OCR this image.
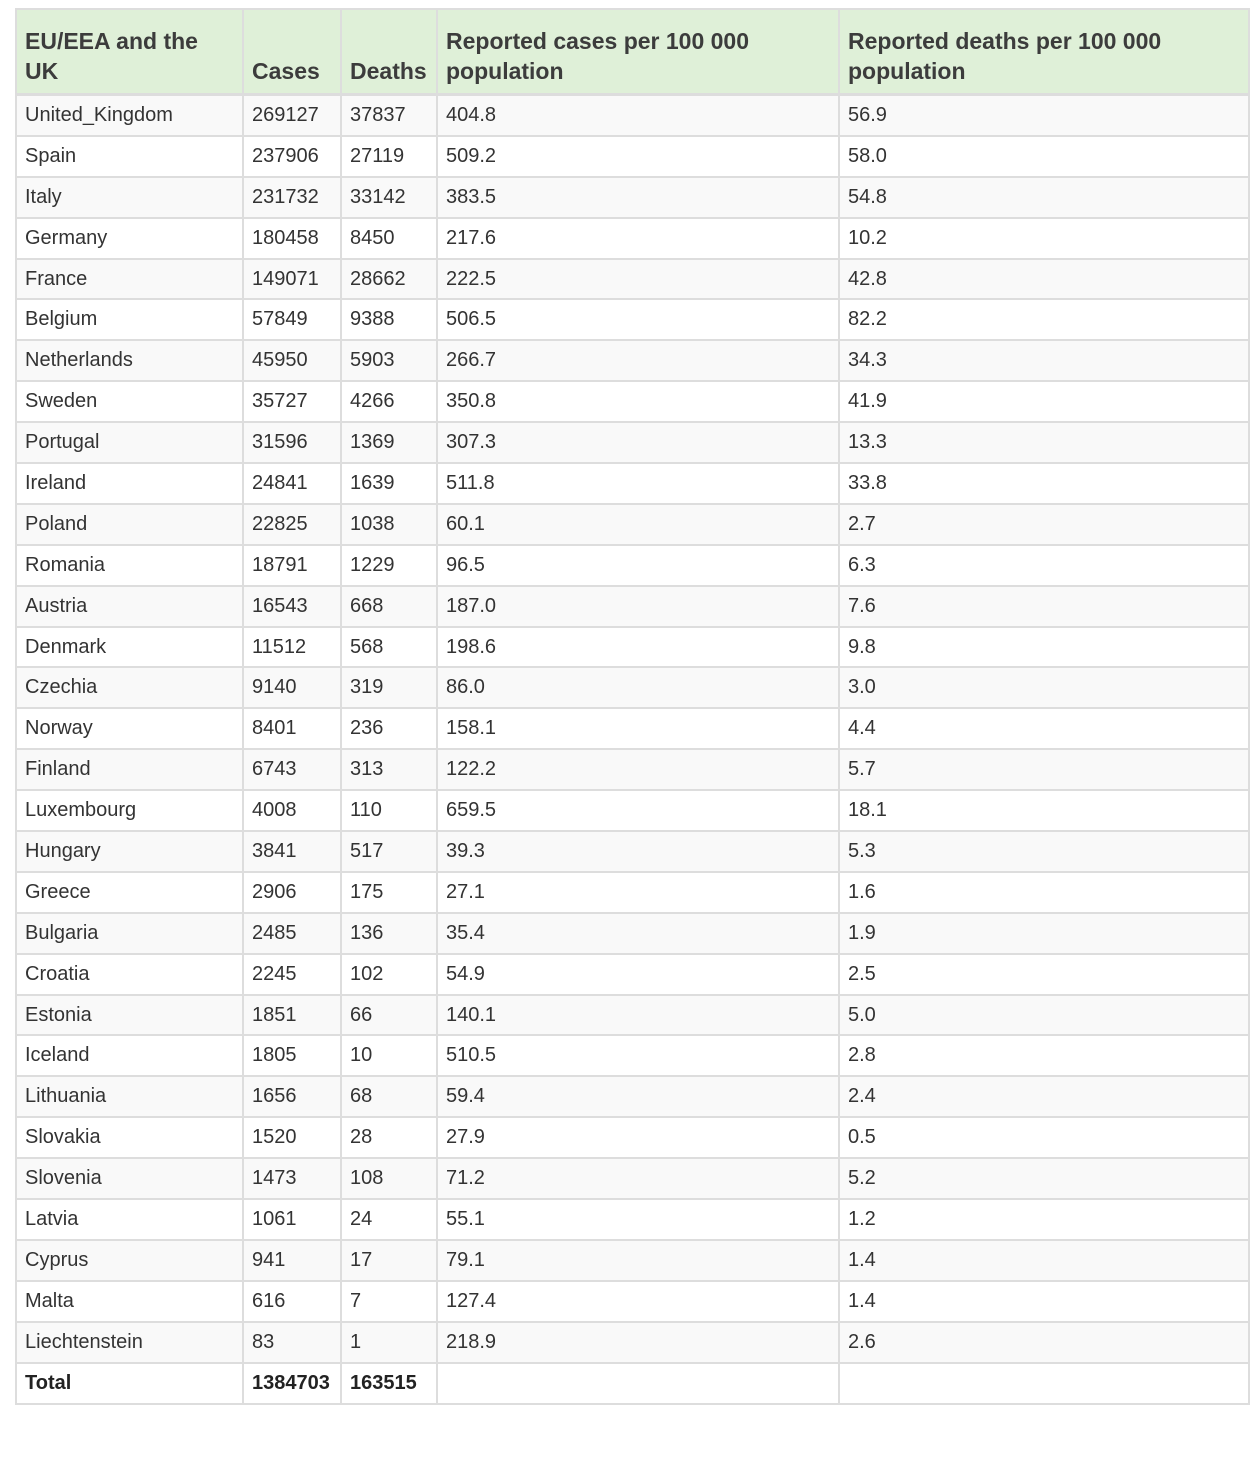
EU/EEA and the UK	Cases	Deaths	Reported cases per 100 000 population	Reported deaths per 100 000 population
United_Kingdom	269127	37837	404.8	56.9
Spain	237906	27119	509.2	58.0
Italy	231732	33142	383.5	54.8
Germany	180458	8450	217.6	10.2
France	149071	28662	222.5	42.8
Belgium	57849	9388	506.5	82.2
Netherlands	45950	5903	266.7	34.3
Sweden	35727	4266	350.8	41.9
Portugal	31596	1369	307.3	13.3
Ireland	24841	1639	511.8	33.8
Poland	22825	1038	60.1	2.7
Romania	18791	1229	96.5	6.3
Austria	16543	668	187.0	7.6
Denmark	11512	568	198.6	9.8
Czechia	9140	319	86.0	3.0
Norway	8401	236	158.1	4.4
Finland	6743	313	122.2	5.7
Luxembourg	4008	110	659.5	18.1
Hungary	3841	517	39.3	5.3
Greece	2906	175	27.1	1.6
Bulgaria	2485	136	35.4	1.9
Croatia	2245	102	54.9	2.5
Estonia	1851	66	140.1	5.0
Iceland	1805	10	510.5	2.8
Lithuania	1656	68	59.4	2.4
Slovakia	1520	28	27.9	0.5
Slovenia	1473	108	71.2	5.2
Latvia	1061	24	55.1	1.2
Cyprus	941	17	79.1	1.4
Malta	616	7	127.4	1.4
Liechtenstein	83	1	218.9	2.6
Total	1384703	163515		
